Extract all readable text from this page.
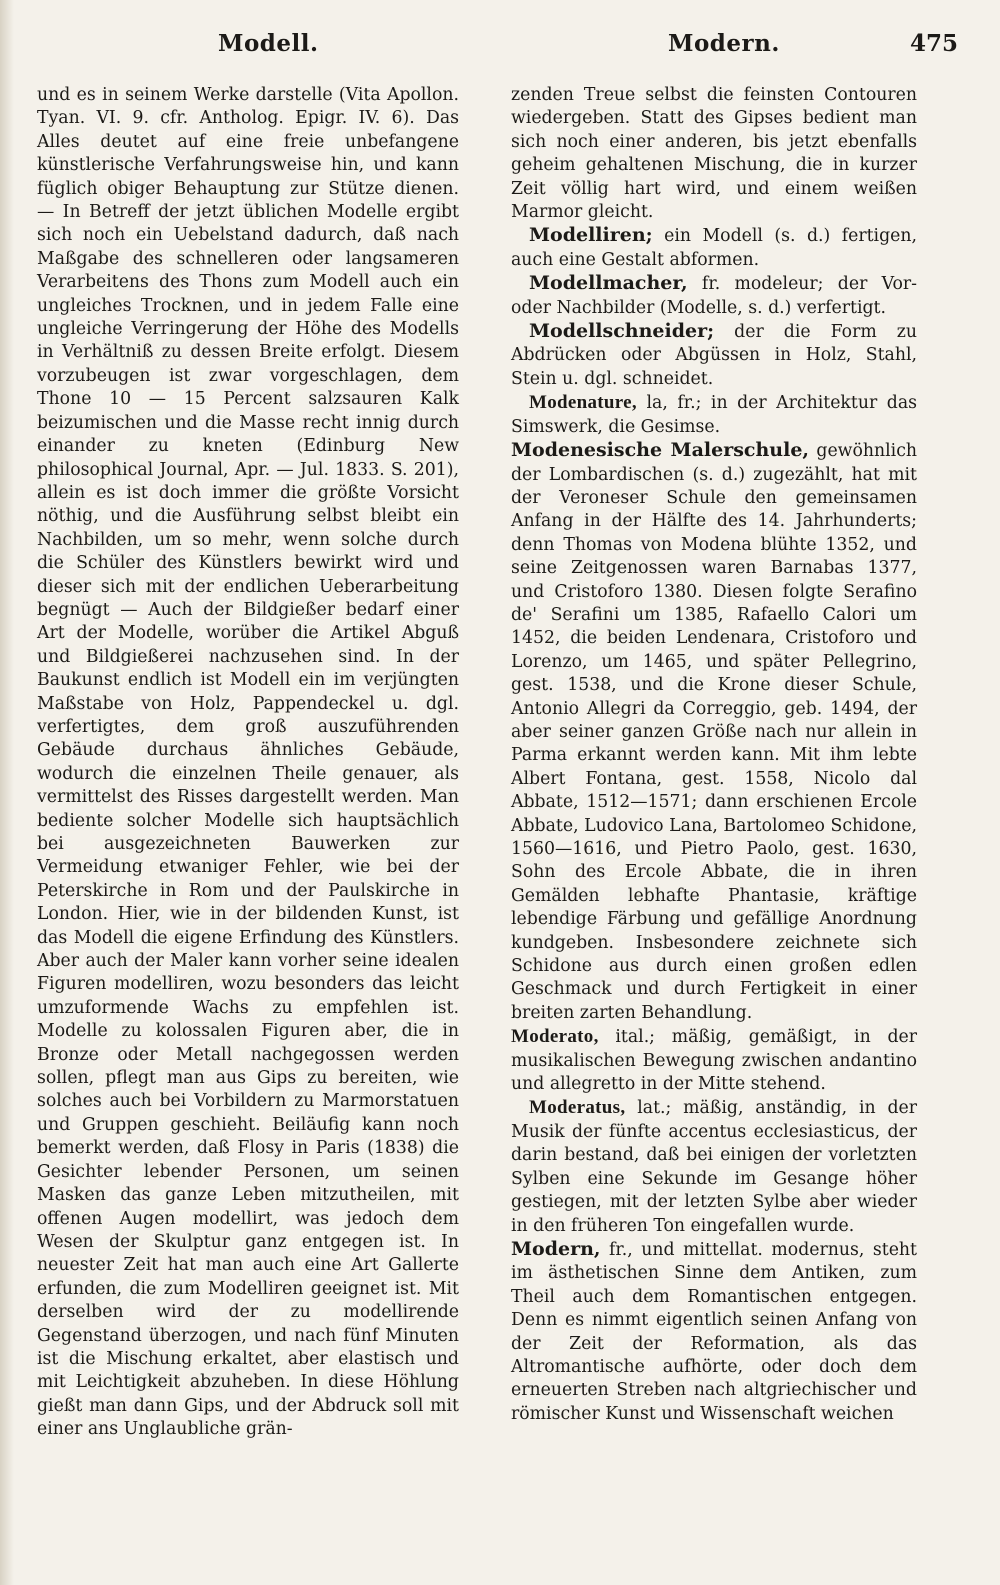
Modell.	Modern.	475

und es in seinem Werke darstelle (Vita Apollon. Tyan. VI. 9. cfr. Antholog. Epigr. IV. 6). Das Alles deutet auf eine freie unbefangene künstlerische Verfahrungsweise hin, und kann füglich obiger Behauptung zur Stütze dienen. — In Betreff der jetzt üblichen Modelle ergibt sich noch ein Uebelstand dadurch, daß nach Maßgabe des schnelleren oder langsameren Verarbeitens des Thons zum Modell auch ein ungleiches Trocknen, und in jedem Falle eine ungleiche Verringerung der Höhe des Modells in Verhältniß zu dessen Breite erfolgt. Diesem vorzubeugen ist zwar vorgeschlagen, dem Thone 10 — 15 Percent salzsauren Kalk beizumischen und die Masse recht innig durch einander zu kneten (Edinburg New philosophical Journal, Apr. — Jul. 1833. S. 201), allein es ist doch immer die größte Vorsicht nöthig, und die Ausführung selbst bleibt ein Nachbilden, um so mehr, wenn solche durch die Schüler des Künstlers bewirkt wird und dieser sich mit der endlichen Ueberarbeitung begnügt — Auch der Bildgießer bedarf einer Art der Modelle, worüber die Artikel Abguß und Bildgießerei nachzusehen sind. In der Baukunst endlich ist Modell ein im verjüngten Maßstabe von Holz, Pappendeckel u. dgl. verfertigtes, dem groß auszuführenden Gebäude durchaus ähnliches Gebäude, wodurch die einzelnen Theile genauer, als vermittelst des Risses dargestellt werden. Man bediente solcher Modelle sich hauptsächlich bei ausgezeichneten Bauwerken zur Vermeidung etwaniger Fehler, wie bei der Peterskirche in Rom und der Paulskirche in London. Hier, wie in der bildenden Kunst, ist das Modell die eigene Erfindung des Künstlers. Aber auch der Maler kann vorher seine idealen Figuren modelliren, wozu besonders das leicht umzuformende Wachs zu empfehlen ist. Modelle zu kolossalen Figuren aber, die in Bronze oder Metall nachgegossen werden sollen, pflegt man aus Gips zu bereiten, wie solches auch bei Vorbildern zu Marmorstatuen und Gruppen geschieht. Beiläufig kann noch bemerkt werden, daß Flosy in Paris (1838) die Gesichter lebender Personen, um seinen Masken das ganze Leben mitzutheilen, mit offenen Augen modellirt, was jedoch dem Wesen der Skulptur ganz entgegen ist. In neuester Zeit hat man auch eine Art Gallerte erfunden, die zum Modelliren geeignet ist. Mit derselben wird der zu modellirende Gegenstand überzogen, und nach fünf Minuten ist die Mischung erkaltet, aber elastisch und mit Leichtigkeit abzuheben. In diese Höhlung gießt man dann Gips, und der Abdruck soll mit einer ans Unglaubliche grän-

zenden Treue selbst die feinsten Contouren wiedergeben. Statt des Gipses bedient man sich noch einer anderen, bis jetzt ebenfalls geheim gehaltenen Mischung, die in kurzer Zeit völlig hart wird, und einem weißen Marmor gleicht.

Modelliren; ein Modell (s. d.) fertigen, auch eine Gestalt abformen.

Modellmacher, fr. modeleur; der Vor- oder Nachbilder (Modelle, s. d.) verfertigt.

Modellschneider; der die Form zu Abdrücken oder Abgüssen in Holz, Stahl, Stein u. dgl. schneidet.

Modenature, la, fr.; in der Architektur das Simswerk, die Gesimse.

Modenesische Malerschule, gewöhnlich der Lombardischen (s. d.) zugezählt, hat mit der Veroneser Schule den gemeinsamen Anfang in der Hälfte des 14. Jahrhunderts; denn Thomas von Modena blühte 1352, und seine Zeitgenossen waren Barnabas 1377, und Cristoforo 1380. Diesen folgte Serafino de' Serafini um 1385, Rafaello Calori um 1452, die beiden Lendenara, Cristoforo und Lorenzo, um 1465, und später Pellegrino, gest. 1538, und die Krone dieser Schule, Antonio Allegri da Correggio, geb. 1494, der aber seiner ganzen Größe nach nur allein in Parma erkannt werden kann. Mit ihm lebte Albert Fontana, gest. 1558, Nicolo dal Abbate, 1512—1571; dann erschienen Ercole Abbate, Ludovico Lana, Bartolomeo Schidone, 1560—1616, und Pietro Paolo, gest. 1630, Sohn des Ercole Abbate, die in ihren Gemälden lebhafte Phantasie, kräftige lebendige Färbung und gefällige Anordnung kundgeben. Insbesondere zeichnete sich Schidone aus durch einen großen edlen Geschmack und durch Fertigkeit in einer breiten zarten Behandlung.

Moderato, ital.; mäßig, gemäßigt, in der musikalischen Bewegung zwischen andantino und allegretto in der Mitte stehend.

Moderatus, lat.; mäßig, anständig, in der Musik der fünfte accentus ecclesiasticus, der darin bestand, daß bei einigen der vorletzten Sylben eine Sekunde im Gesange höher gestiegen, mit der letzten Sylbe aber wieder in den früheren Ton eingefallen wurde.

Modern, fr., und mittellat. modernus, steht im ästhetischen Sinne dem Antiken, zum Theil auch dem Romantischen entgegen. Denn es nimmt eigentlich seinen Anfang von der Zeit der Reformation, als das Altromantische aufhörte, oder doch dem erneuerten Streben nach altgriechischer und römischer Kunst und Wissenschaft weichen
